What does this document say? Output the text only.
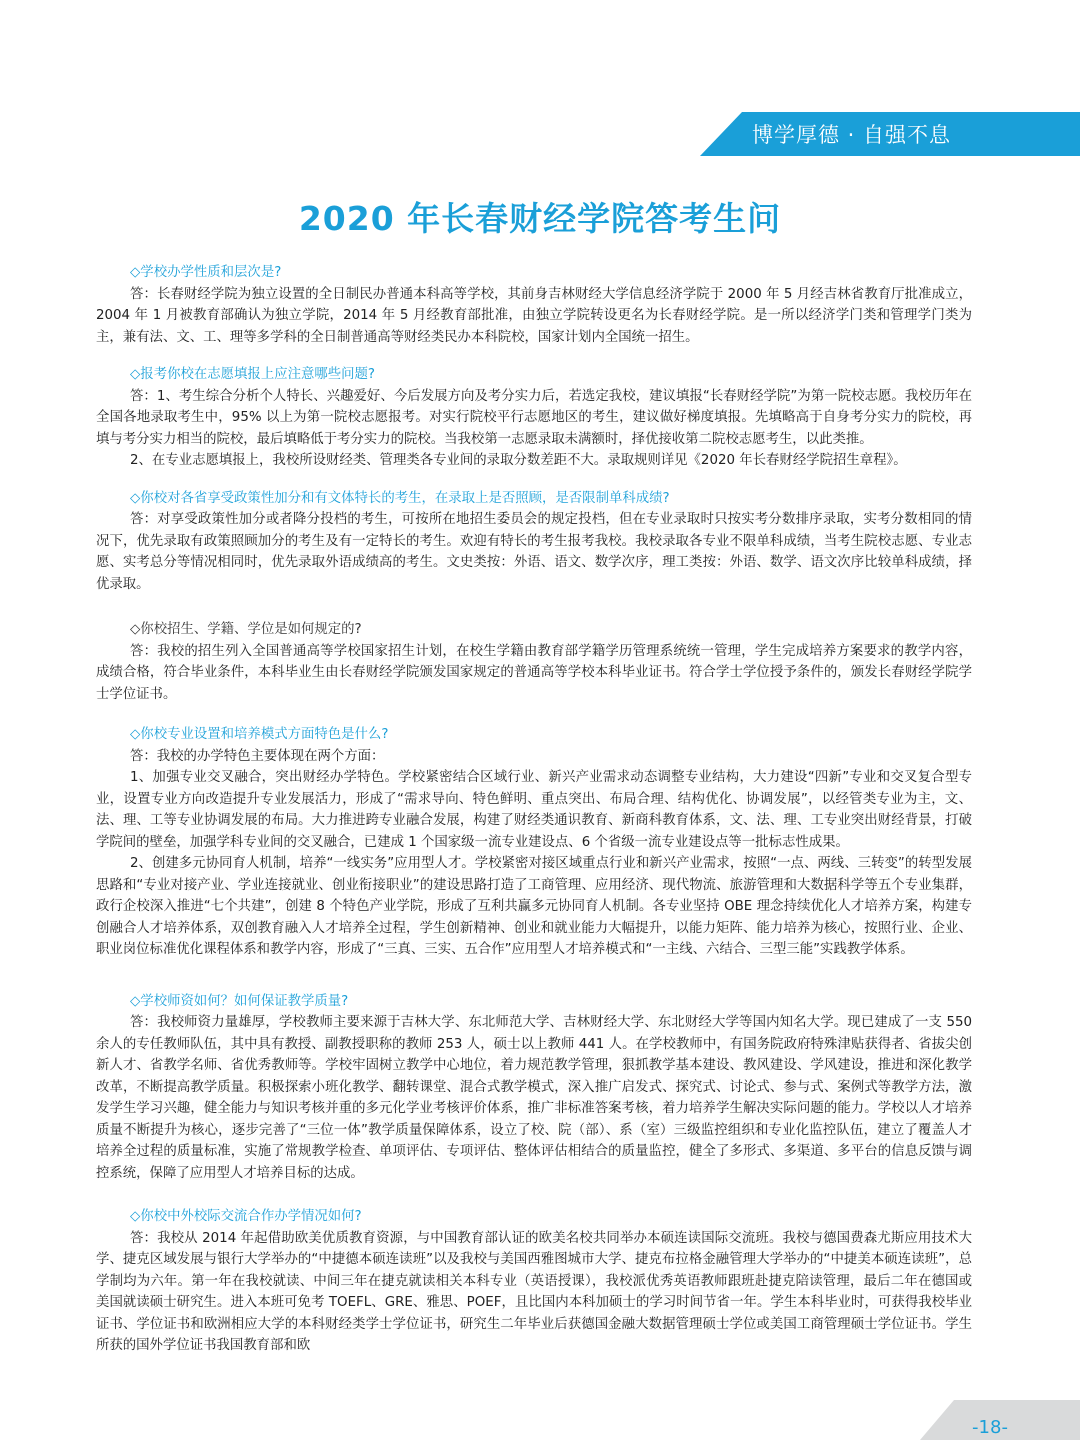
博学厚德 · 自强不息
2020 年长春财经学院答考生问

◇学校办学性质和层次是?

答：长春财经学院为独立设置的全日制民办普通本科高等学校，其前身吉林财经大学信息经济学院于 2000 年 5 月经吉林省教育厅批准成立，2004 年 1 月被教育部确认为独立学院，2014 年 5 月经教育部批准，由独立学院转设更名为长春财经学院。是一所以经济学门类和管理学门类为主，兼有法、文、工、理等多学科的全日制普通高等财经类民办本科院校，国家计划内全国统一招生。

◇报考你校在志愿填报上应注意哪些问题?

答：1、考生综合分析个人特长、兴趣爱好、今后发展方向及考分实力后，若选定我校，建议填报“长春财经学院”为第一院校志愿。我校历年在全国各地录取考生中，95% 以上为第一院校志愿报考。对实行院校平行志愿地区的考生，建议做好梯度填报。先填略高于自身考分实力的院校，再填与考分实力相当的院校，最后填略低于考分实力的院校。当我校第一志愿录取未满额时，择优接收第二院校志愿考生，以此类推。

2、在专业志愿填报上，我校所设财经类、管理类各专业间的录取分数差距不大。录取规则详见《2020 年长春财经学院招生章程》。

◇你校对各省享受政策性加分和有文体特长的考生，在录取上是否照顾，是否限制单科成绩?

答：对享受政策性加分或者降分投档的考生，可按所在地招生委员会的规定投档，但在专业录取时只按实考分数排序录取，实考分数相同的情况下，优先录取有政策照顾加分的考生及有一定特长的考生。欢迎有特长的考生报考我校。我校录取各专业不限单科成绩，当考生院校志愿、专业志愿、实考总分等情况相同时，优先录取外语成绩高的考生。文史类按：外语、语文、数学次序，理工类按：外语、数学、语文次序比较单科成绩，择优录取。

◇你校招生、学籍、学位是如何规定的?

答：我校的招生列入全国普通高等学校国家招生计划，在校生学籍由教育部学籍学历管理系统统一管理，学生完成培养方案要求的教学内容，成绩合格，符合毕业条件，本科毕业生由长春财经学院颁发国家规定的普通高等学校本科毕业证书。符合学士学位授予条件的，颁发长春财经学院学士学位证书。

◇你校专业设置和培养模式方面特色是什么?

答：我校的办学特色主要体现在两个方面：

1、加强专业交叉融合，突出财经办学特色。学校紧密结合区域行业、新兴产业需求动态调整专业结构，大力建设“四新”专业和交叉复合型专业，设置专业方向改造提升专业发展活力，形成了“需求导向、特色鲜明、重点突出、布局合理、结构优化、协调发展”，以经管类专业为主，文、法、理、工等专业协调发展的布局。大力推进跨专业融合发展，构建了财经类通识教育、新商科教育体系，文、法、理、工专业突出财经背景，打破学院间的壁垒，加强学科专业间的交叉融合，已建成 1 个国家级一流专业建设点、6 个省级一流专业建设点等一批标志性成果。

2、创建多元协同育人机制，培养“一线实务”应用型人才。学校紧密对接区域重点行业和新兴产业需求，按照“一点、两线、三转变”的转型发展思路和“专业对接产业、学业连接就业、创业衔接职业”的建设思路打造了工商管理、应用经济、现代物流、旅游管理和大数据科学等五个专业集群，政行企校深入推进“七个共建”，创建 8 个特色产业学院，形成了互利共赢多元协同育人机制。各专业坚持 OBE 理念持续优化人才培养方案，构建专创融合人才培养体系，双创教育融入人才培养全过程，学生创新精神、创业和就业能力大幅提升，以能力矩阵、能力培养为核心，按照行业、企业、职业岗位标准优化课程体系和教学内容，形成了“三真、三实、五合作”应用型人才培养模式和“一主线、六结合、三型三能”实践教学体系。

◇学校师资如何？如何保证教学质量?

答：我校师资力量雄厚，学校教师主要来源于吉林大学、东北师范大学、吉林财经大学、东北财经大学等国内知名大学。现已建成了一支 550 余人的专任教师队伍，其中具有教授、副教授职称的教师 253 人，硕士以上教师 441 人。在学校教师中，有国务院政府特殊津贴获得者、省拔尖创新人才、省教学名师、省优秀教师等。学校牢固树立教学中心地位，着力规范教学管理，狠抓教学基本建设、教风建设、学风建设，推进和深化教学改革，不断提高教学质量。积极探索小班化教学、翻转课堂、混合式教学模式，深入推广启发式、探究式、讨论式、参与式、案例式等教学方法，激发学生学习兴趣，健全能力与知识考核并重的多元化学业考核评价体系，推广非标准答案考核，着力培养学生解决实际问题的能力。学校以人才培养质量不断提升为核心，逐步完善了“三位一体”教学质量保障体系，设立了校、院（部）、系（室）三级监控组织和专业化监控队伍，建立了覆盖人才培养全过程的质量标准，实施了常规教学检查、单项评估、专项评估、整体评估相结合的质量监控，健全了多形式、多渠道、多平台的信息反馈与调控系统，保障了应用型人才培养目标的达成。

◇你校中外校际交流合作办学情况如何?

答：我校从 2014 年起借助欧美优质教育资源，与中国教育部认证的欧美名校共同举办本硕连读国际交流班。我校与德国费森尤斯应用技术大学、捷克区域发展与银行大学举办的“中捷德本硕连读班”以及我校与美国西雅图城市大学、捷克布拉格金融管理大学举办的“中捷美本硕连读班”，总学制均为六年。第一年在我校就读、中间三年在捷克就读相关本科专业（英语授课），我校派优秀英语教师跟班赴捷克陪读管理，最后二年在德国或美国就读硕士研究生。进入本班可免考 TOEFL、GRE、雅思、POEF，且比国内本科加硕士的学习时间节省一年。学生本科毕业时，可获得我校毕业证书、学位证书和欧洲相应大学的本科财经类学士学位证书，研究生二年毕业后获德国金融大数据管理硕士学位或美国工商管理硕士学位证书。学生所获的国外学位证书我国教育部和欧

-18-
